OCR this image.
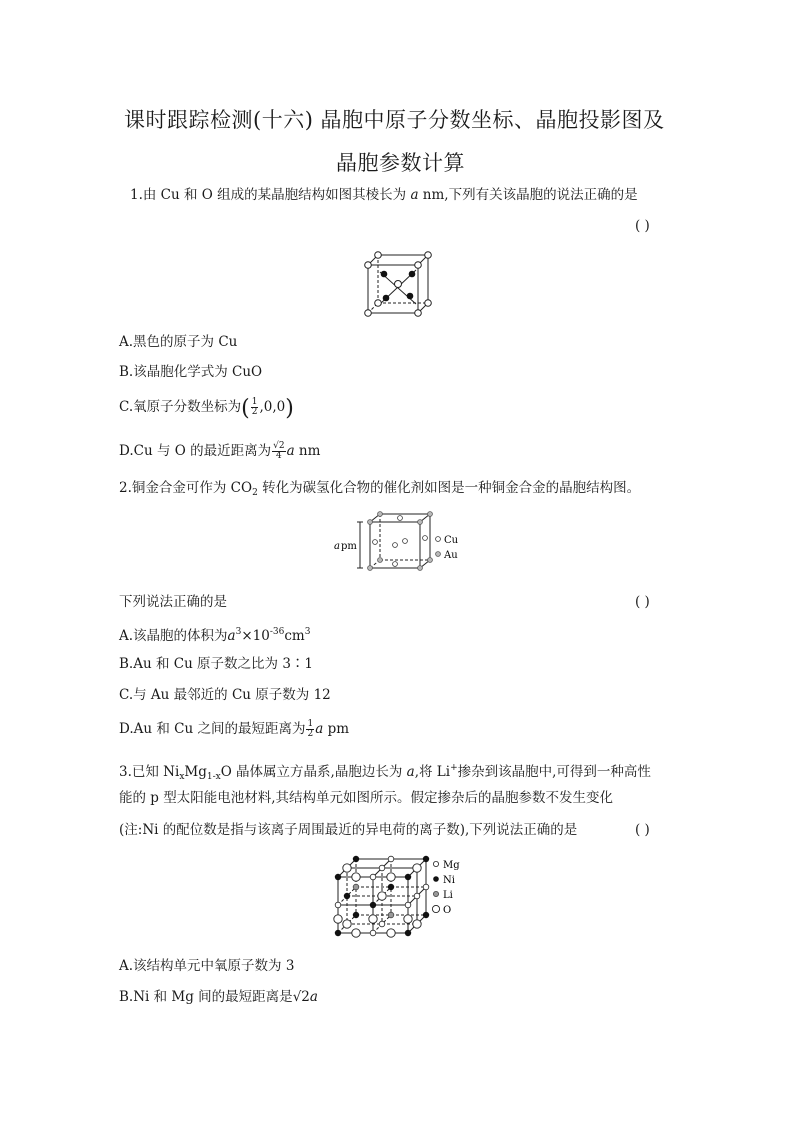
课时跟踪检测(十六) 晶胞中原子分数坐标、晶胞投影图及
晶胞参数计算
1.由 Cu 和 O 组成的某晶胞结构如图其棱长为 a nm,下列有关该晶胞的说法正确的是
( )
A.黑色的原子为 Cu
B.该晶胞化学式为 CuO
C.氧原子分数坐标为( $\frac{1}{2} ,0,0$)
D.Cu 与 O 的最近距离为 $\frac{√2}{4}$ a nm
2.铜金合金可作为 $CO_2$ 转化为碳氢化合物的催化剂如图是一种铜金合金的晶胞结构图。
Cu
Au
a pm
下列说法正确的是	( )
A.该晶胞的体积为$a^3\times 10^{-36}cm^3$
B.Au 和 Cu 原子数之比为 3∶1
C.与 Au 最邻近的 Cu 原子数为 12
D.Au 和 Cu 之间的最短距离为 $\frac{1}{2}$ a pm
3.已知 $Ni_xMg_{1-x}O$ 晶体属立方晶系,晶胞边长为 a,将 Li+掺杂到该晶胞中,可得到一种高性
能的 p 型太阳能电池材料,其结构单元如图所示。假定掺杂后的晶胞参数不发生变化
(注:Ni 的配位数是指与该离子周围最近的异电荷的离子数),下列说法正确的是	( )
Mg
Ni
Li
O
A.该结构单元中氧原子数为 3
B.Ni 和 Mg 间的最短距离是√2a
